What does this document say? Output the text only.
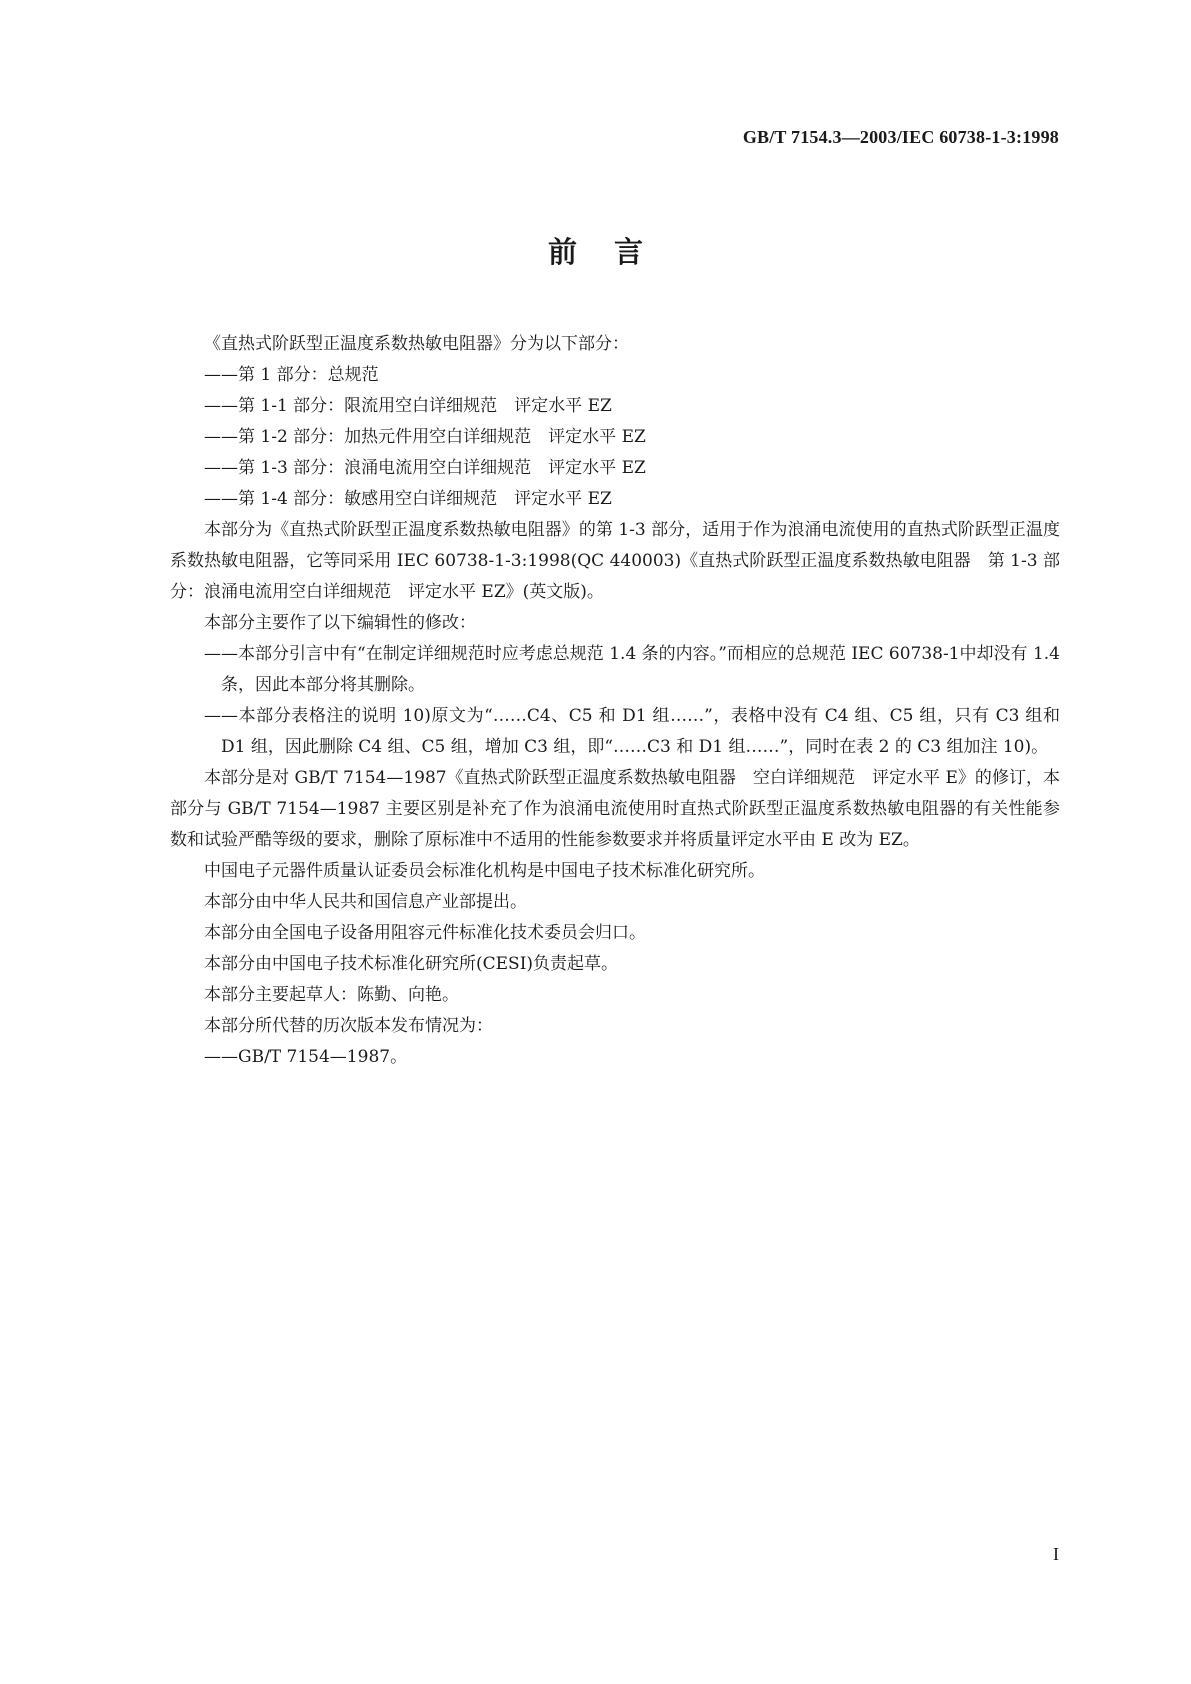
GB/T 7154.3—2003/IEC 60738-1-3:1998
前言

《直热式阶跃型正温度系数热敏电阻器》分为以下部分：

——第 1 部分：总规范

——第 1-1 部分：限流用空白详细规范　评定水平 EZ

——第 1-2 部分：加热元件用空白详细规范　评定水平 EZ

——第 1-3 部分：浪涌电流用空白详细规范　评定水平 EZ

——第 1-4 部分：敏感用空白详细规范　评定水平 EZ

本部分为《直热式阶跃型正温度系数热敏电阻器》的第 1-3 部分，适用于作为浪涌电流使用的直热式阶跃型正温度系数热敏电阻器，它等同采用 IEC 60738-1-3:1998(QC 440003)《直热式阶跃型正温度系数热敏电阻器　第 1-3 部分：浪涌电流用空白详细规范　评定水平 EZ》(英文版)。

本部分主要作了以下编辑性的修改：

——本部分引言中有“在制定详细规范时应考虑总规范 1.4 条的内容。”而相应的总规范 IEC 60738-1中却没有 1.4 条，因此本部分将其删除。

——本部分表格注的说明 10)原文为“……C4、C5 和 D1 组……”，表格中没有 C4 组、C5 组，只有 C3 组和 D1 组，因此删除 C4 组、C5 组，增加 C3 组，即“……C3 和 D1 组……”，同时在表 2 的 C3 组加注 10)。

本部分是对 GB/T 7154—1987《直热式阶跃型正温度系数热敏电阻器　空白详细规范　评定水平 E》的修订，本部分与 GB/T 7154—1987 主要区别是补充了作为浪涌电流使用时直热式阶跃型正温度系数热敏电阻器的有关性能参数和试验严酷等级的要求，删除了原标准中不适用的性能参数要求并将质量评定水平由 E 改为 EZ。

中国电子元器件质量认证委员会标准化机构是中国电子技术标准化研究所。

本部分由中华人民共和国信息产业部提出。

本部分由全国电子设备用阻容元件标准化技术委员会归口。

本部分由中国电子技术标准化研究所(CESI)负责起草。

本部分主要起草人：陈勤、向艳。

本部分所代替的历次版本发布情况为：

——GB/T 7154—1987。

I
